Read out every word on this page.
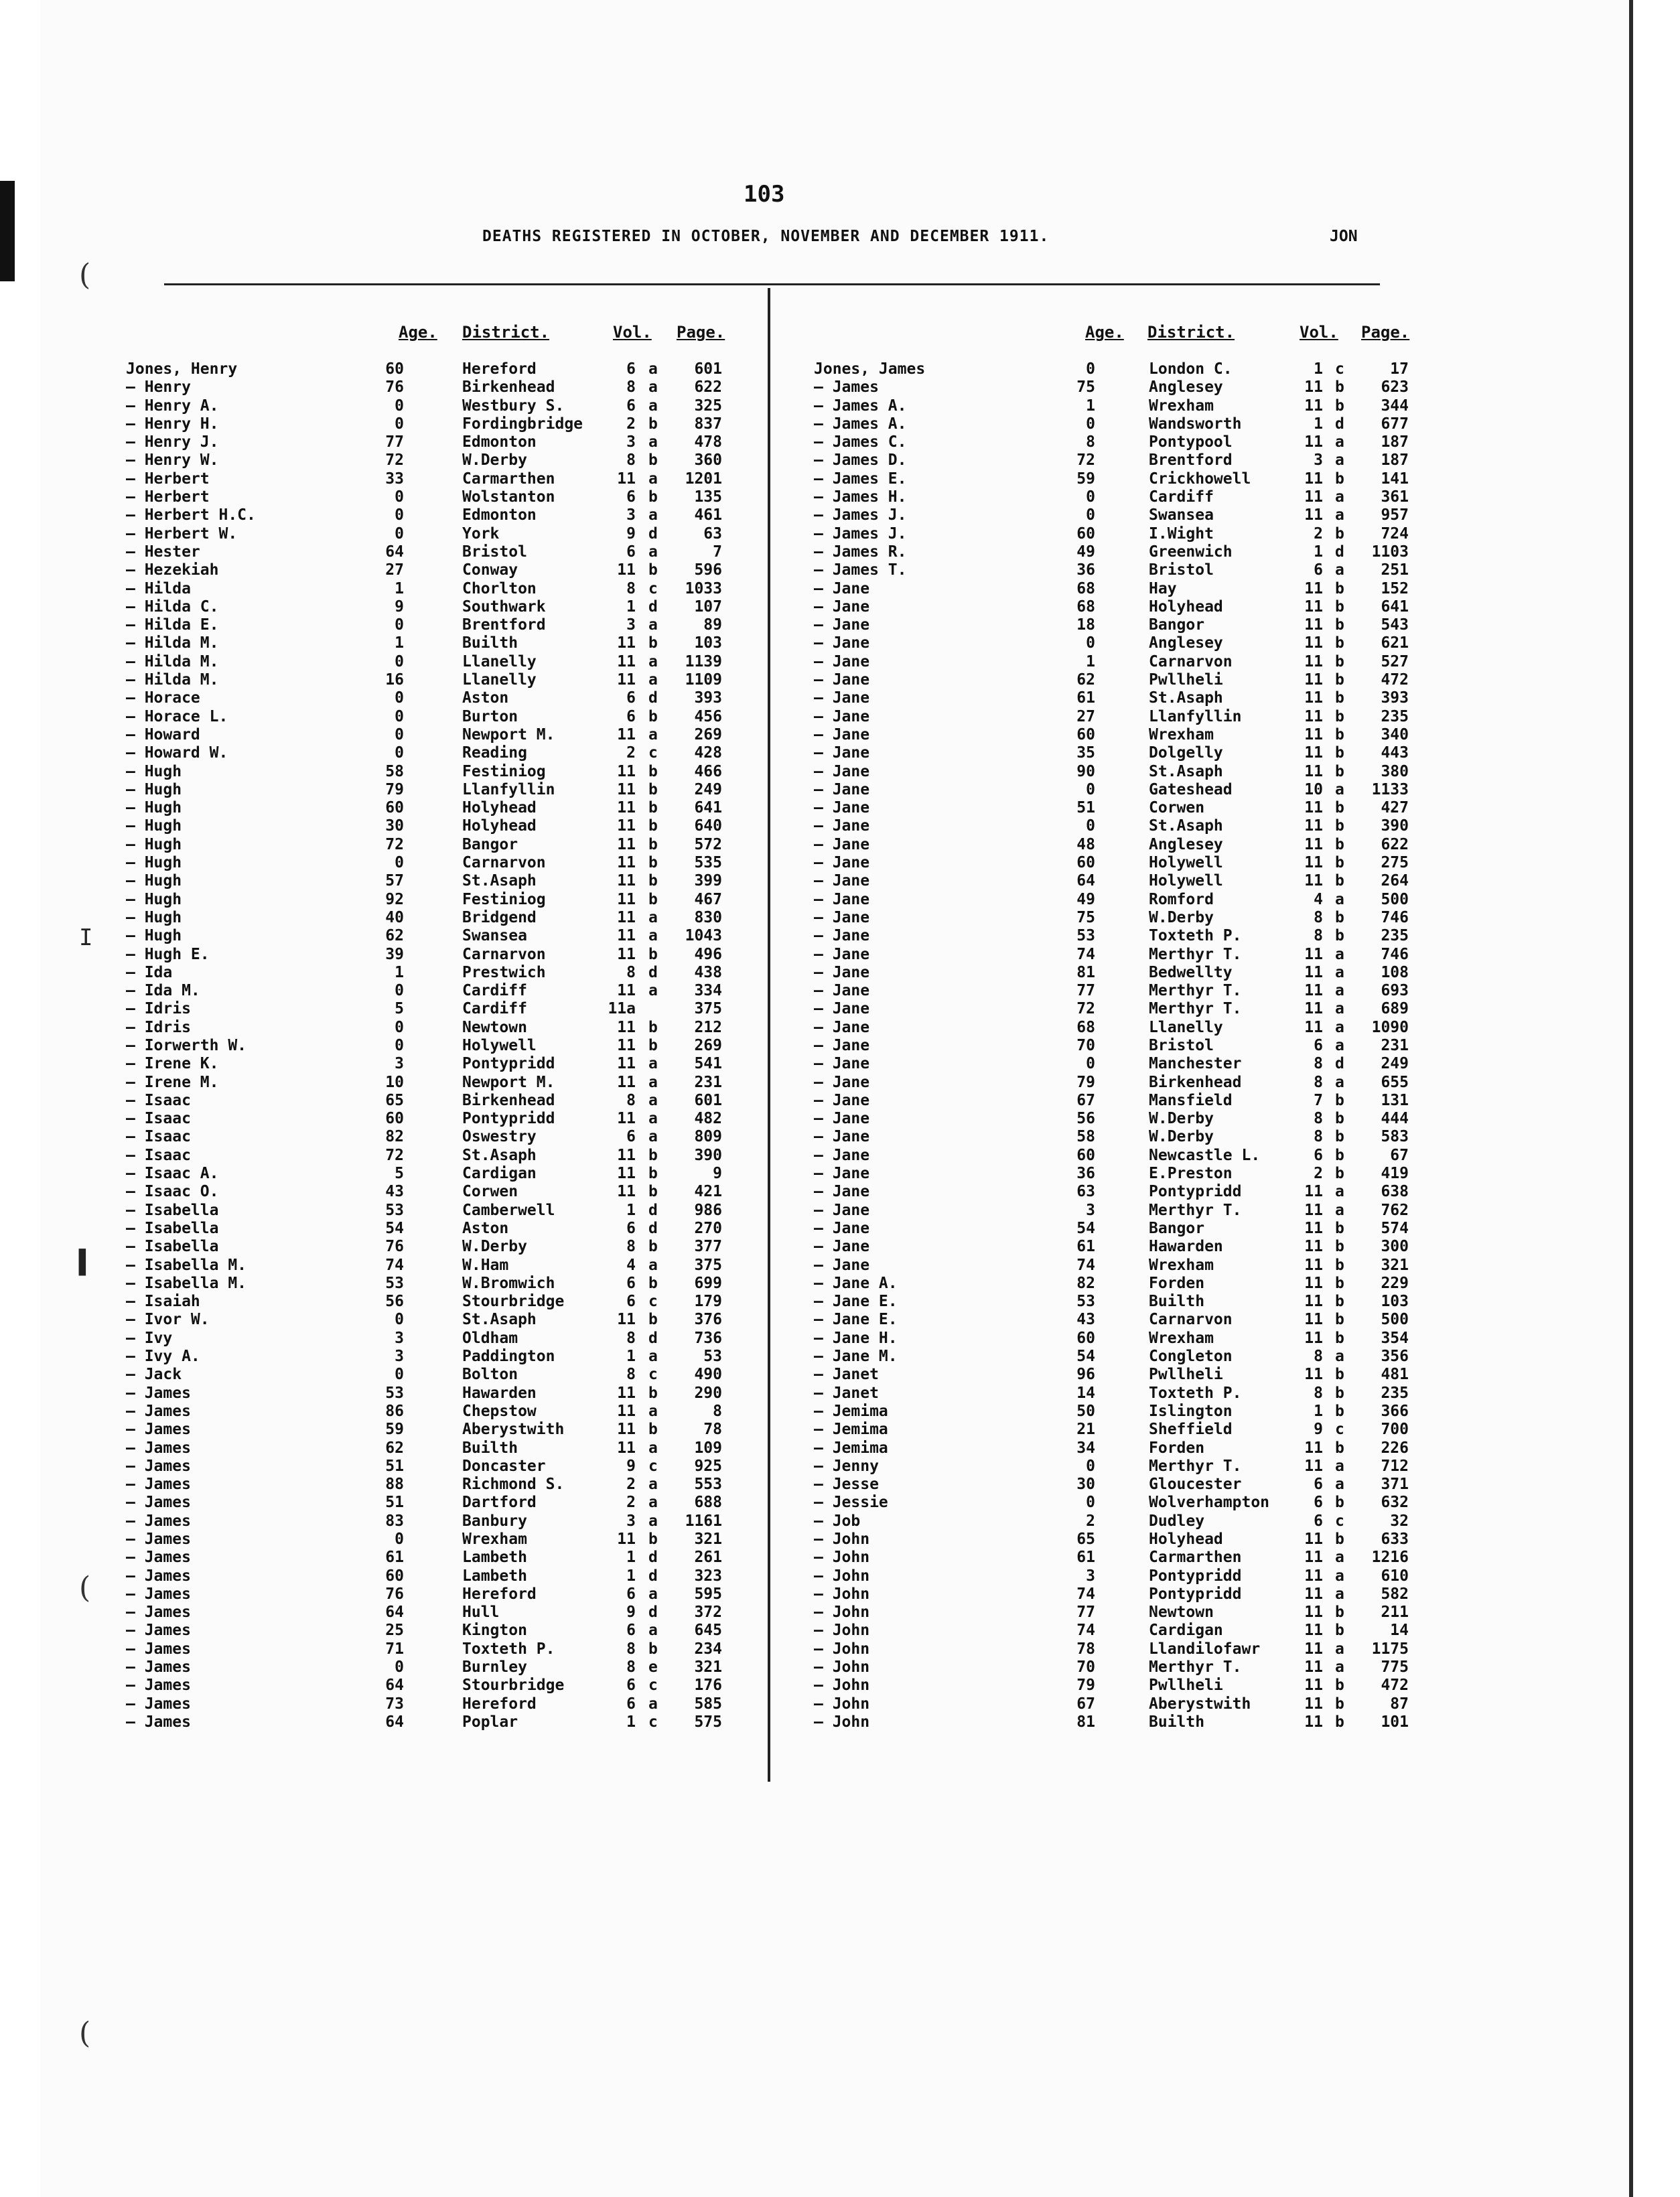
(
(
(
I
▌
103
DEATHS REGISTERED IN OCTOBER, NOVEMBER AND DECEMBER 1911.	JON
Age. District.	Vol. Page.	Age. District.	Vol. Page.
Jones, Henry	60	Hereford	6 a	601
— Henry	76	Birkenhead	8 a	622
— Henry A.	0	Westbury S.	6 a	325
— Henry H.	0	Fordingbridge	2 b	837
— Henry J.	77	Edmonton	3 a	478
— Henry W.	72	W.Derby	8 b	360
— Herbert	33	Carmarthen	11 a	1201
— Herbert	0	Wolstanton	6 b	135
— Herbert H.C.	0	Edmonton	3 a	461
— Herbert W.	0	York	9 d	63
— Hester	64	Bristol	6 a	7
— Hezekiah	27	Conway	11 b	596
— Hilda	1	Chorlton	8 c	1033
— Hilda C.	9	Southwark	1 d	107
— Hilda E.	0	Brentford	3 a	89
— Hilda M.	1	Builth	11 b	103
— Hilda M.	0	Llanelly	11 a	1139
— Hilda M.	16	Llanelly	11 a	1109
— Horace	0	Aston	6 d	393
— Horace L.	0	Burton	6 b	456
— Howard	0	Newport M.	11 a	269
— Howard W.	0	Reading	2 c	428
— Hugh	58	Festiniog	11 b	466
— Hugh	79	Llanfyllin	11 b	249
— Hugh	60	Holyhead	11 b	641
— Hugh	30	Holyhead	11 b	640
— Hugh	72	Bangor	11 b	572
— Hugh	0	Carnarvon	11 b	535
— Hugh	57	St.Asaph	11 b	399
— Hugh	92	Festiniog	11 b	467
— Hugh	40	Bridgend	11 a	830
— Hugh	62	Swansea	11 a	1043
— Hugh E.	39	Carnarvon	11 b	496
— Ida	1	Prestwich	8 d	438
— Ida M.	0	Cardiff	11 a	334
— Idris	5	Cardiff	11a	375
— Idris	0	Newtown	11 b	212
— Iorwerth W.	0	Holywell	11 b	269
— Irene K.	3	Pontypridd	11 a	541
— Irene M.	10	Newport M.	11 a	231
— Isaac	65	Birkenhead	8 a	601
— Isaac	60	Pontypridd	11 a	482
— Isaac	82	Oswestry	6 a	809
— Isaac	72	St.Asaph	11 b	390
— Isaac A.	5	Cardigan	11 b	9
— Isaac O.	43	Corwen	11 b	421
— Isabella	53	Camberwell	1 d	986
— Isabella	54	Aston	6 d	270
— Isabella	76	W.Derby	8 b	377
— Isabella M.	74	W.Ham	4 a	375
— Isabella M.	53	W.Bromwich	6 b	699
— Isaiah	56	Stourbridge	6 c	179
— Ivor W.	0	St.Asaph	11 b	376
— Ivy	3	Oldham	8 d	736
— Ivy A.	3	Paddington	1 a	53
— Jack	0	Bolton	8 c	490
— James	53	Hawarden	11 b	290
— James	86	Chepstow	11 a	8
— James	59	Aberystwith	11 b	78
— James	62	Builth	11 a	109
— James	51	Doncaster	9 c	925
— James	88	Richmond S.	2 a	553
— James	51	Dartford	2 a	688
— James	83	Banbury	3 a	1161
— James	0	Wrexham	11 b	321
— James	61	Lambeth	1 d	261
— James	60	Lambeth	1 d	323
— James	76	Hereford	6 a	595
— James	64	Hull	9 d	372
— James	25	Kington	6 a	645
— James	71	Toxteth P.	8 b	234
— James	0	Burnley	8 e	321
— James	64	Stourbridge	6 c	176
— James	73	Hereford	6 a	585
— James	64	Poplar	1 c	575
Jones, James	0	London C.	1 c	17
— James	75	Anglesey	11 b	623
— James A.	1	Wrexham	11 b	344
— James A.	0	Wandsworth	1 d	677
— James C.	8	Pontypool	11 a	187
— James D.	72	Brentford	3 a	187
— James E.	59	Crickhowell	11 b	141
— James H.	0	Cardiff	11 a	361
— James J.	0	Swansea	11 a	957
— James J.	60	I.Wight	2 b	724
— James R.	49	Greenwich	1 d	1103
— James T.	36	Bristol	6 a	251
— Jane	68	Hay	11 b	152
— Jane	68	Holyhead	11 b	641
— Jane	18	Bangor	11 b	543
— Jane	0	Anglesey	11 b	621
— Jane	1	Carnarvon	11 b	527
— Jane	62	Pwllheli	11 b	472
— Jane	61	St.Asaph	11 b	393
— Jane	27	Llanfyllin	11 b	235
— Jane	60	Wrexham	11 b	340
— Jane	35	Dolgelly	11 b	443
— Jane	90	St.Asaph	11 b	380
— Jane	0	Gateshead	10 a	1133
— Jane	51	Corwen	11 b	427
— Jane	0	St.Asaph	11 b	390
— Jane	48	Anglesey	11 b	622
— Jane	60	Holywell	11 b	275
— Jane	64	Holywell	11 b	264
— Jane	49	Romford	4 a	500
— Jane	75	W.Derby	8 b	746
— Jane	53	Toxteth P.	8 b	235
— Jane	74	Merthyr T.	11 a	746
— Jane	81	Bedwellty	11 a	108
— Jane	77	Merthyr T.	11 a	693
— Jane	72	Merthyr T.	11 a	689
— Jane	68	Llanelly	11 a	1090
— Jane	70	Bristol	6 a	231
— Jane	0	Manchester	8 d	249
— Jane	79	Birkenhead	8 a	655
— Jane	67	Mansfield	7 b	131
— Jane	56	W.Derby	8 b	444
— Jane	58	W.Derby	8 b	583
— Jane	60	Newcastle L.	6 b	67
— Jane	36	E.Preston	2 b	419
— Jane	63	Pontypridd	11 a	638
— Jane	3	Merthyr T.	11 a	762
— Jane	54	Bangor	11 b	574
— Jane	61	Hawarden	11 b	300
— Jane	74	Wrexham	11 b	321
— Jane A.	82	Forden	11 b	229
— Jane E.	53	Builth	11 b	103
— Jane E.	43	Carnarvon	11 b	500
— Jane H.	60	Wrexham	11 b	354
— Jane M.	54	Congleton	8 a	356
— Janet	96	Pwllheli	11 b	481
— Janet	14	Toxteth P.	8 b	235
— Jemima	50	Islington	1 b	366
— Jemima	21	Sheffield	9 c	700
— Jemima	34	Forden	11 b	226
— Jenny	0	Merthyr T.	11 a	712
— Jesse	30	Gloucester	6 a	371
— Jessie	0	Wolverhampton	6 b	632
— Job	2	Dudley	6 c	32
— John	65	Holyhead	11 b	633
— John	61	Carmarthen	11 a	1216
— John	3	Pontypridd	11 a	610
— John	74	Pontypridd	11 a	582
— John	77	Newtown	11 b	211
— John	74	Cardigan	11 b	14
— John	78	Llandilofawr	11 a	1175
— John	70	Merthyr T.	11 a	775
— John	79	Pwllheli	11 b	472
— John	67	Aberystwith	11 b	87
— John	81	Builth	11 b	101
